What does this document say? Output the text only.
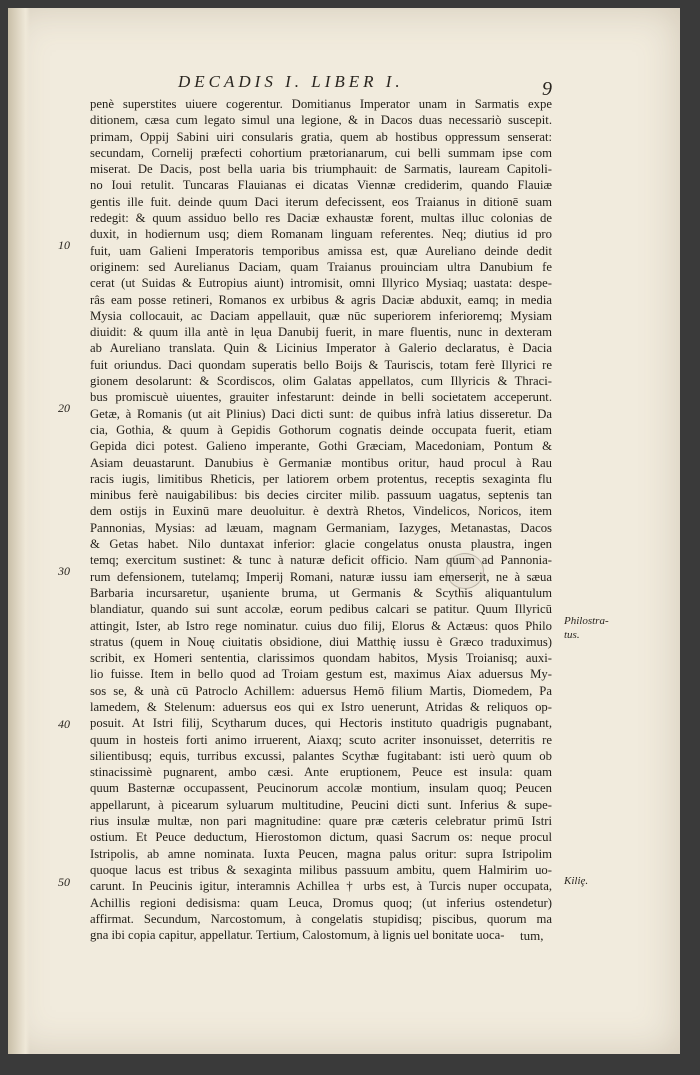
DECADIS I. LIBER I.	9
penè superstites uiuere cogerentur. Domitianus Imperator unam in Sarmatis expe
ditionem, cæsa cum legato simul una legione, & in Dacos duas necessariò suscepit.
primam, Oppij Sabini uiri consularis gratia, quem ab hostibus oppressum senserat:
secundam, Cornelij præfecti cohortium prætorianarum, cui belli summam ipse com
miserat. De Dacis, post bella uaria bis triumphauit: de Sarmatis, lauream Capitoli-
no Ioui retulit. Tuncaras Flauianas ei dicatas Viennæ crediderim, quando Flauiæ
gentis ille fuit. deinde quum Daci iterum defecissent, eos Traianus in ditionē suam
redegit: & quum assiduo bello res Daciæ exhaustæ forent, multas illuc colonias de
duxit, in hodiernum usq; diem Romanam linguam referentes. Neq; diutius id pro
fuit, uam Galieni Imperatoris temporibus amissa est, quæ Aureliano deinde dedit
originem: sed Aurelianus Daciam, quam Traianus prouinciam ultra Danubium fe
cerat (ut Suidas & Eutropius aiunt) intromisit, omni Illyrico Mysiaq; uastata: despe-
râs eam posse retineri, Romanos ex urbibus & agris Daciæ abduxit, eamq; in media
Mysia collocauit, ac Daciam appellauit, quæ nūc superiorem inferioremq; Mysiam
diuidit: & quum illa antè in lęua Danubij fuerit, in mare fluentis, nunc in dexteram
ab Aureliano translata. Quin & Licinius Imperator à Galerio declaratus, è Dacia
fuit oriundus. Daci quondam superatis bello Boijs & Tauriscis, totam ferè Illyrici re
gionem desolarunt: & Scordiscos, olim Galatas appellatos, cum Illyricis & Thraci-
bus promiscuè uiuentes, grauiter infestarunt: deinde in belli societatem acceperunt.
Getæ, à Romanis (ut ait Plinius) Daci dicti sunt: de quibus infrà latius disseretur. Da
cia, Gothia, & quum à Gepidis Gothorum cognatis deinde occupata fuerit, etiam
Gepida dici potest. Galieno imperante, Gothi Græciam, Macedoniam, Pontum &
Asiam deuastarunt. Danubius è Germaniæ montibus oritur, haud procul à Rau
racis iugis, limitibus Rheticis, per latiorem orbem protentus, receptis sexaginta flu
minibus ferè nauigabilibus: bis decies circiter milib. passuum uagatus, septenis tan
dem ostijs in Euxinū mare deuoluitur. è dextrà Rhetos, Vindelicos, Noricos, item
Pannonias, Mysias: ad læuam, magnam Germaniam, Iazyges, Metanastas, Dacos
& Getas habet. Nilo duntaxat inferior: glacie congelatus onusta plaustra, ingen
temq; exercitum sustinet: & tunc à naturæ deficit officio. Nam quum ad Pannonia-
rum defensionem, tutelamq; Imperij Romani, naturæ iussu iam emerserit, ne à sæua
Barbaria incursaretur, ușaniente bruma, ut Germanis & Scythis aliquantulum
blandiatur, quando sui sunt accolæ, eorum pedibus calcari se patitur. Quum Illyricū
attingit, Ister, ab Istro rege nominatur. cuius duo filij, Elorus & Actæus: quos Philo
stratus (quem in Nouę ciuitatis obsidione, diui Matthię iussu è Græco traduximus)
scribit, ex Homeri sententia, clarissimos quondam habitos, Mysis Troianisq; auxi-
lio fuisse. Item in bello quod ad Troiam gestum est, maximus Aiax aduersus My-
sos se, & unà cū Patroclo Achillem: aduersus Hemō filium Martis, Diomedem, Pa
lamedem, & Stelenum: aduersus eos qui ex Istro uenerunt, Atridas & reliquos op-
posuit. At Istri filij, Scytharum duces, qui Hectoris instituto quadrigis pugnabant,
quum in hosteis forti animo irruerent, Aiaxq; scuto acriter insonuisset, deterritis re
silientibusq; equis, turribus excussi, palantes Scythæ fugitabant: isti uerò quum ob
stinacissimè pugnarent, ambo cæsi. Ante eruptionem, Peuce est insula: quam
quum Basternæ occupassent, Peucinorum accolæ montium, insulam quoq; Peucen
appellarunt, à picearum syluarum multitudine, Peucini dicti sunt. Inferius & supe-
rius insulæ multæ, non pari magnitudine: quare præ cæteris celebratur primū Istri
ostium. Et Peuce deductum, Hierostomon dictum, quasi Sacrum os: neque procul
Istripolis, ab amne nominata. Iuxta Peucen, magna palus oritur: supra Istripolim
quoque lacus est tribus & sexaginta milibus passuum ambitu, quem Halmirim uo-
carunt. In Peucinis igitur, interamnis Achillea † urbs est, à Turcis nuper occupata,
Achillis regioni dedisisma: quam Leuca, Dromus quoq; (ut inferius ostendetur)
affirmat. Secundum, Narcostomum, à congelatis stupidisq; piscibus, quorum ma
gna ibi copia capitur, appellatur. Tertium, Calostomum, à lignis uel bonitate uoca-
10
20
30
40
50
Philostra-
tus.
Kiliȩ.
tum,
